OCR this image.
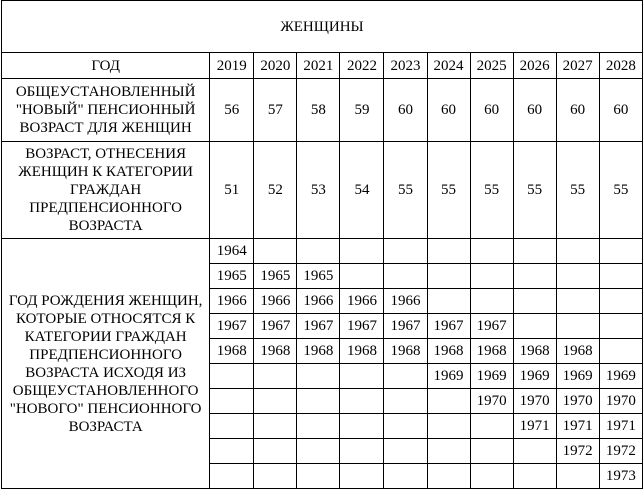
ЖЕНЩИНЫ										
ГОД	2019	2020	2021	2022	2023	2024	2025	2026	2027	2028
ОБЩЕУСТАНОВЛЕННЫЙ "НОВЫЙ" ПЕНСИОННЫЙ ВОЗРАСТ ДЛЯ ЖЕНЩИН	56	57	58	59	60	60	60	60	60	60
ВОЗРАСТ, ОТНЕСЕНИЯ ЖЕНЩИН К КАТЕГОРИИ ГРАЖДАН ПРЕДПЕНСИОННОГО ВОЗРАСТА	51	52	53	54	55	55	55	55	55	55
ГОД РОЖДЕНИЯ ЖЕНЩИН, КОТОРЫЕ ОТНОСЯТСЯ К КАТЕГОРИИ ГРАЖДАН ПРЕДПЕНСИОННОГО ВОЗРАСТА ИСХОДЯ ИЗ ОБЩЕУСТАНОВЛЕННОГО "НОВОГО" ПЕНСИОННОГО ВОЗРАСТА	1964									
	1965	1965	1965							
	1966	1966	1966	1966	1966					
	1967	1967	1967	1967	1967	1967	1967			
	1968	1968	1968	1968	1968	1968	1968	1968	1968	
						1969	1969	1969	1969	1969
							1970	1970	1970	1970
								1971	1971	1971
									1972	1972
										1973
